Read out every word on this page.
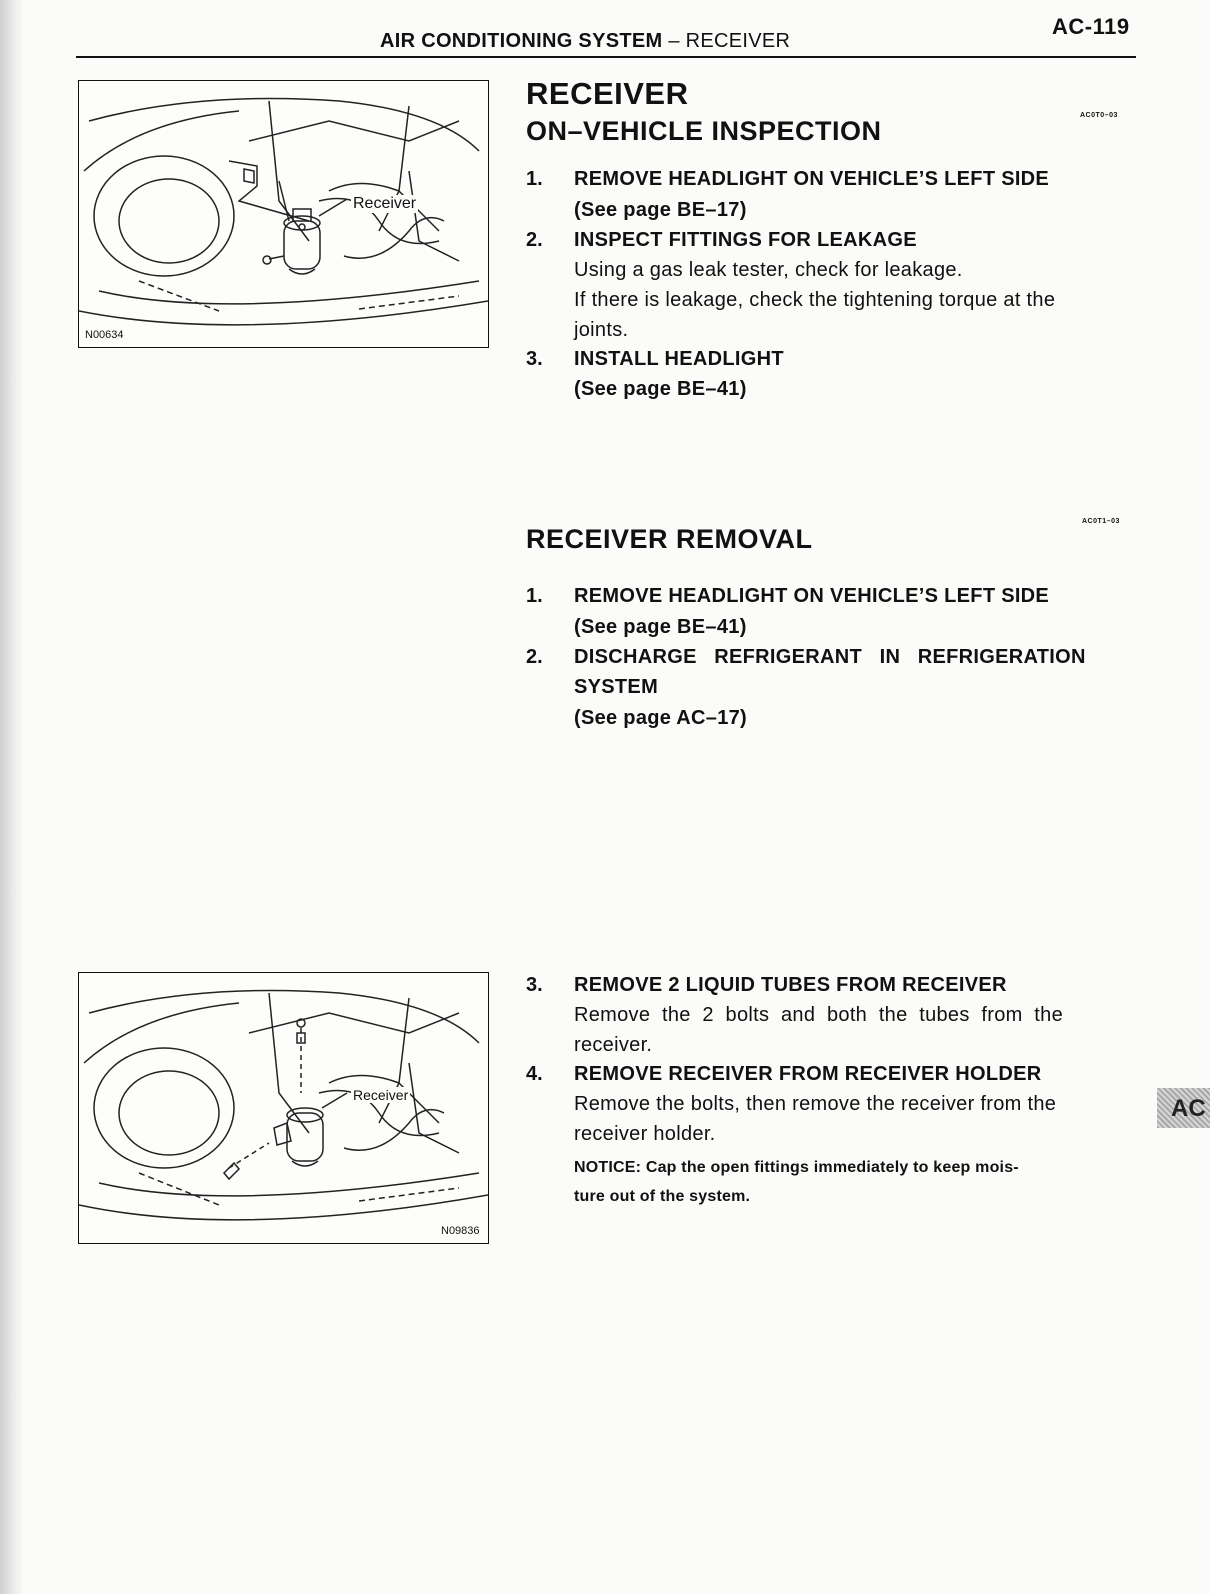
AIR CONDITIONING SYSTEM – RECEIVER
AC-119
Receiver
N00634
Receiver
N09836
RECEIVER
ON–VEHICLE INSPECTION
AC0T0–03
1. REMOVE HEADLIGHT ON VEHICLE’S LEFT SIDE
(See page BE–17)
2. INSPECT FITTINGS FOR LEAKAGE
Using a gas leak tester, check for leakage.
If there is leakage, check the tightening torque at the
joints.
3. INSTALL HEADLIGHT
(See page BE–41)
RECEIVER REMOVAL
AC0T1–03
1. REMOVE HEADLIGHT ON VEHICLE’S LEFT SIDE
(See page BE–41)
2. DISCHARGE   REFRIGERANT   IN   REFRIGERATION
SYSTEM
(See page AC–17)
3. REMOVE 2 LIQUID TUBES FROM RECEIVER
Remove  the  2  bolts  and  both  the  tubes  from  the
receiver.
4. REMOVE RECEIVER FROM RECEIVER HOLDER
Remove the bolts, then remove the receiver from the
receiver holder.
NOTICE: Cap the open fittings immediately to keep mois-
ture out of the system.
AC
